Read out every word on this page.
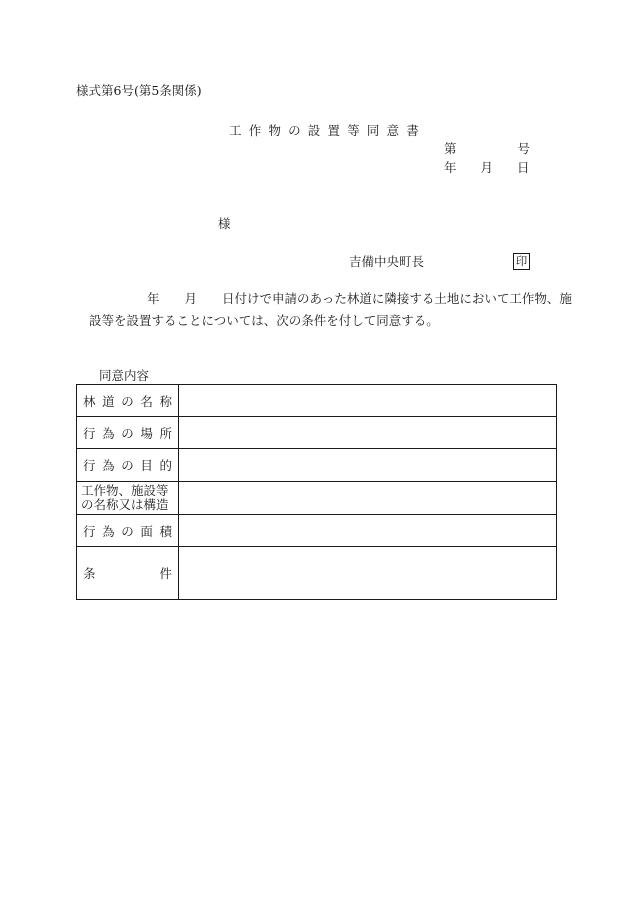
様式第6号(第5条関係)
工作物の設置等同意書
第	号
年 月 日
様
吉備中央町長	印
年　　月　　日付けで申請のあった林道に隣接する土地において工作物、施
設等を設置することについては、次の条件を付して同意する。
同意内容
林 道 の 名 称	

行 為 の 場 所	

行 為 の 目 的	

工作物、施設等
の名称又は構造	

行 為 の 面 積	

条 件	
